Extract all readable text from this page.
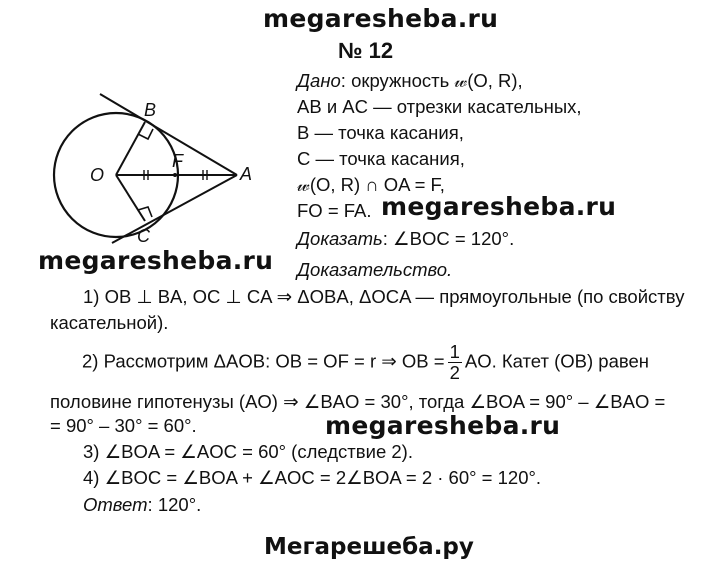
megaresheba.ru
№ 12
B
O
F
A
C
Дано: окружность 𝓌(O, R),
AB и AC — отрезки касательных,
B — точка касания,
C — точка касания,
𝓌(O, R) ∩ OA = F,
FO = FA. megaresheba.ru
Доказать: ∠BOC = 120°.
megaresheba.ru Доказательство.
1) OB ⊥ BA, OC ⊥ CA ⇒ ΔOBA, ΔOCA — прямоугольные (по свойству
касательной).
2) Рассмотрим ΔAOB: OB = OF = r ⇒ OB = $\frac{1}{2}$ AO. Катет (OB) равен
половине гипотенузы (AO) ⇒ ∠BAO = 30°, тогда ∠BOA = 90° – ∠BAO =
= 90° – 30° = 60°.	megaresheba.ru
3) ∠BOA = ∠AOC = 60° (следствие 2).
4) ∠BOC = ∠BOA + ∠AOC = 2∠BOA = 2 · 60° = 120°.
Ответ: 120°.
Мегарешеба.ру
